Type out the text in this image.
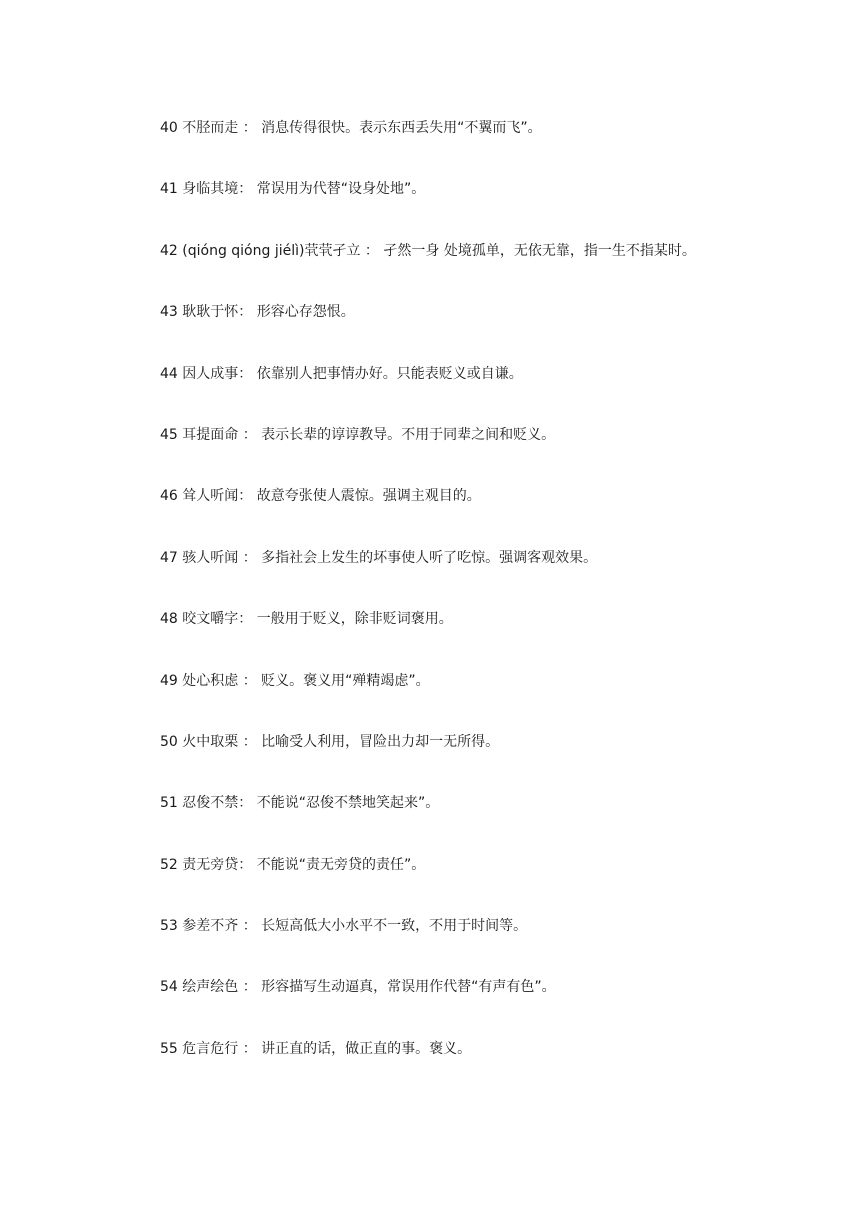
40 不胫而走 ： 消息传得很快。表示东西丢失用“不翼而飞”。
41 身临其境： 常误用为代替“设身处地”。
42 (qióng qióng jiélì)茕茕孑立 ： 孑然一身 处境孤单，无依无靠，指一生不指某时。
43 耿耿于怀： 形容心存怨恨。
44 因人成事： 依靠别人把事情办好。只能表贬义或自谦。
45 耳提面命 ： 表示长辈的谆谆教导。不用于同辈之间和贬义。
46 耸人听闻： 故意夸张使人震惊。强调主观目的。
47 骇人听闻 ： 多指社会上发生的坏事使人听了吃惊。强调客观效果。
48 咬文嚼字： 一般用于贬义，除非贬词褒用。
49 处心积虑 ： 贬义。褒义用“殚精竭虑”。
50 火中取栗 ： 比喻受人利用，冒险出力却一无所得。
51 忍俊不禁： 不能说“忍俊不禁地笑起来”。
52 责无旁贷： 不能说“责无旁贷的责任”。
53 参差不齐 ： 长短高低大小水平不一致，不用于时间等。
54 绘声绘色 ： 形容描写生动逼真，常误用作代替“有声有色”。
55 危言危行 ： 讲正直的话，做正直的事。褒义。
